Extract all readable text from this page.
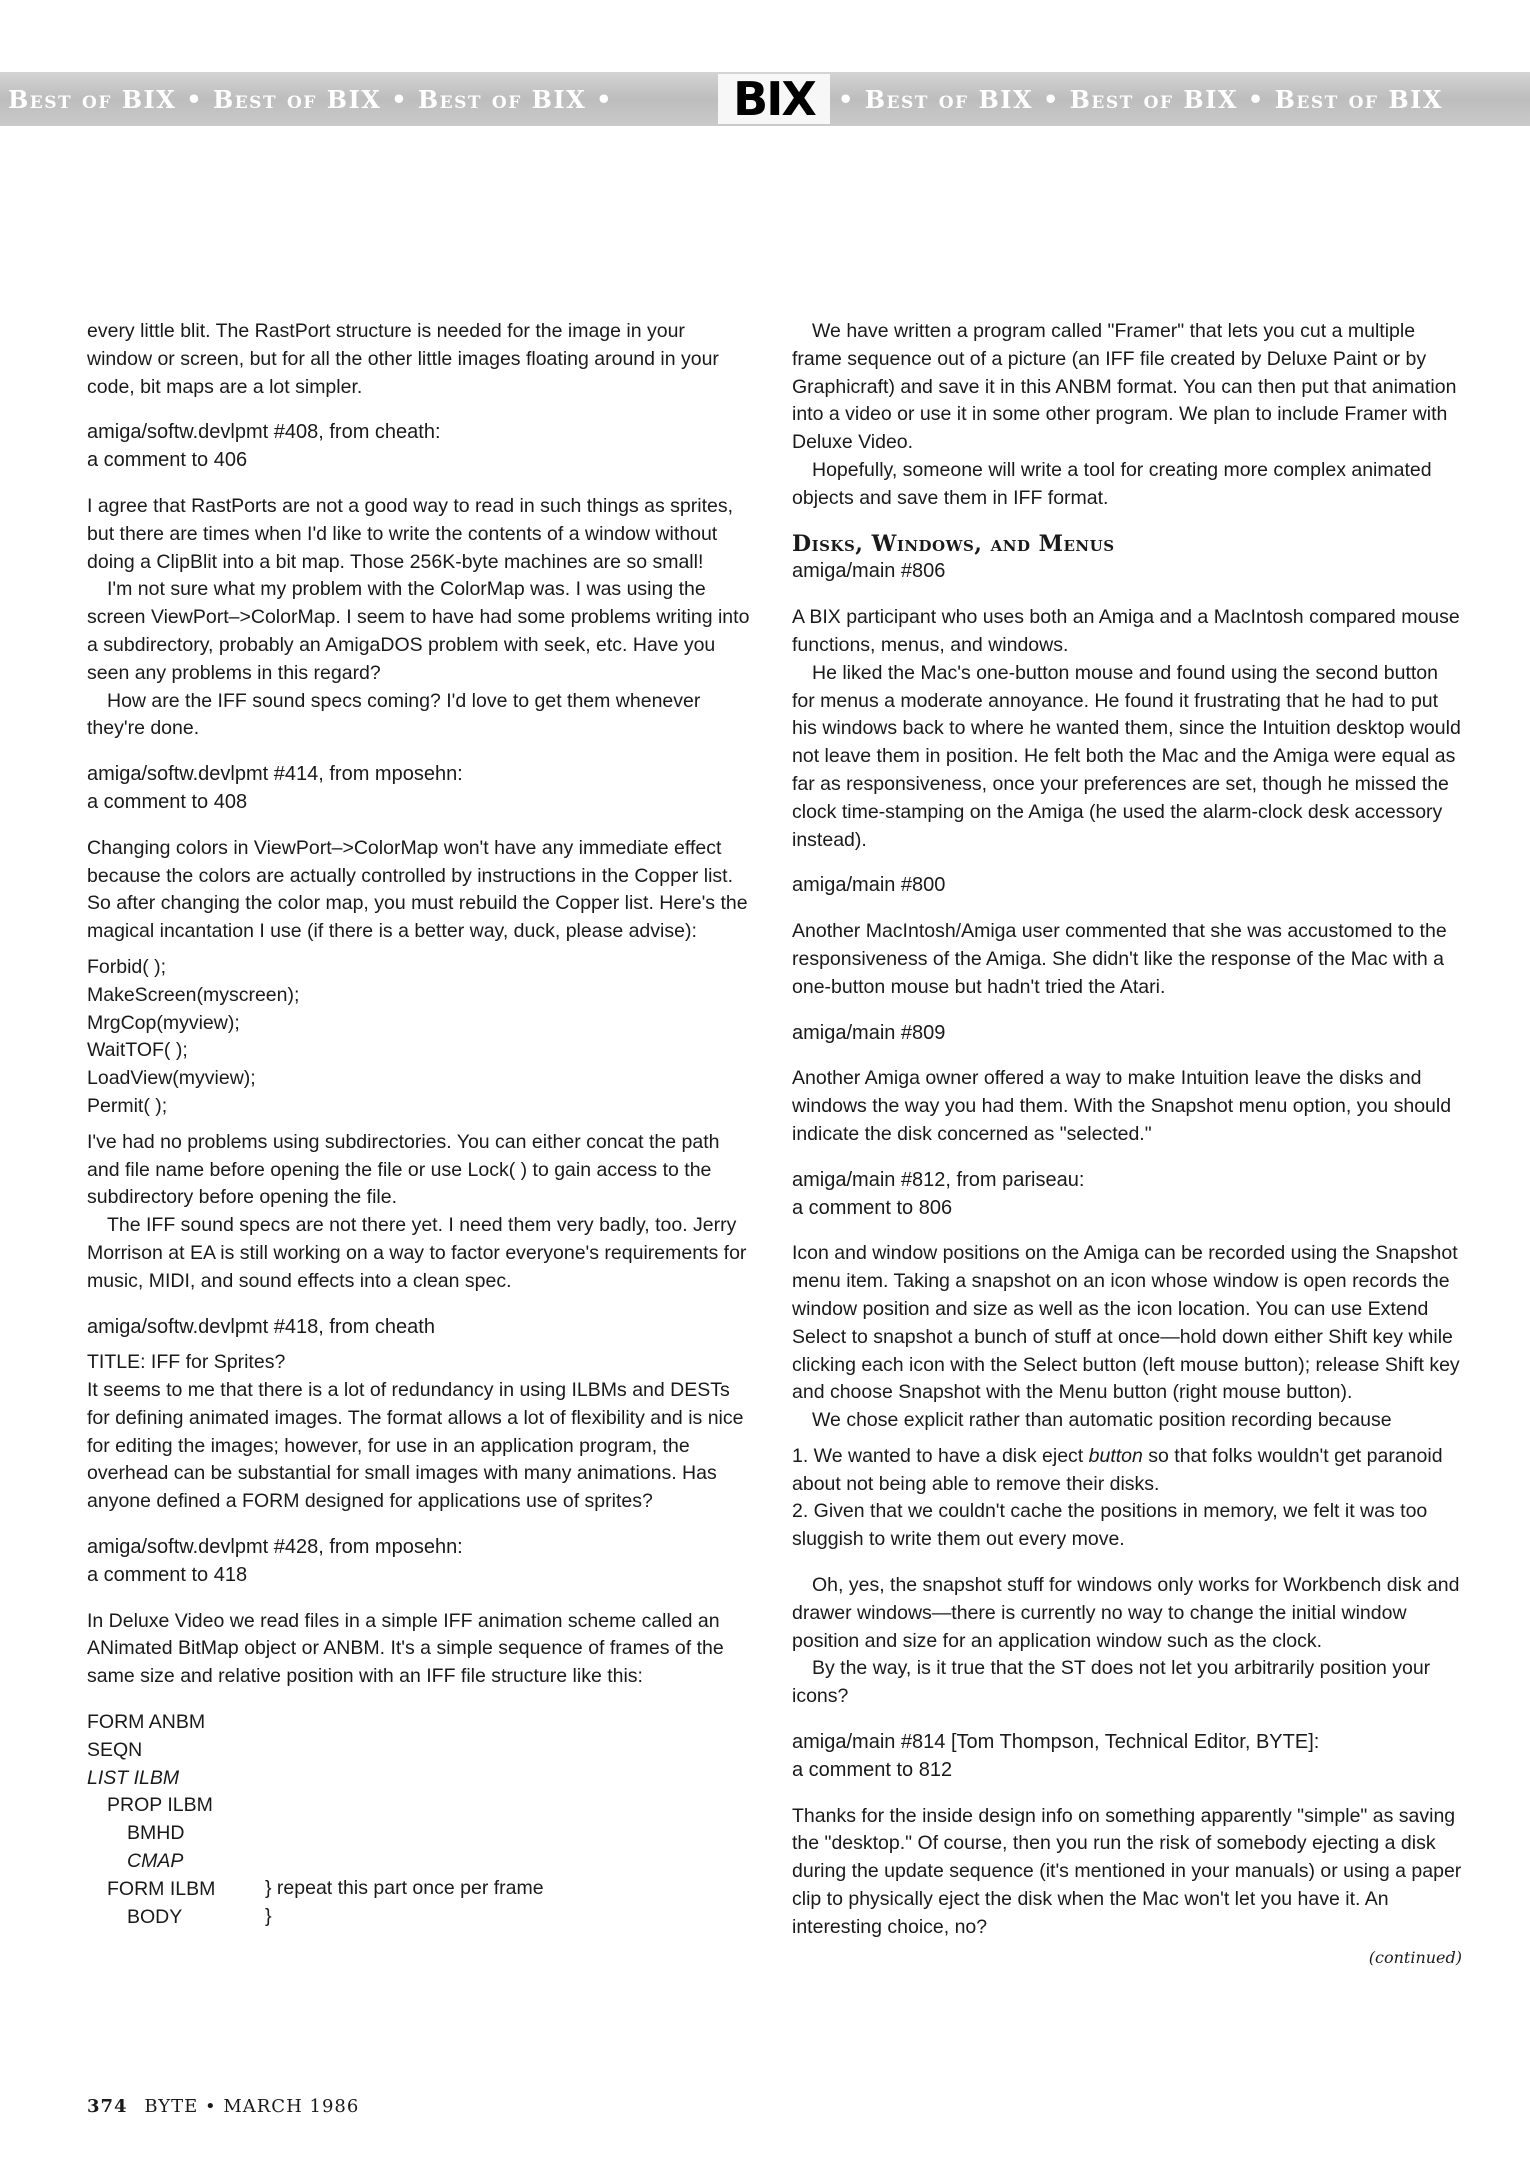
Best of BIX • Best of BIX • Best of BIX •	BIX • Best of BIX • Best of BIX • Best of BIX

every little blit. The RastPort structure is needed for the image in your window or screen, but for all the other little images floating around in your code, bit maps are a lot simpler.

amiga/softw.devlpmt #408, from cheath:
a comment to 406

I agree that RastPorts are not a good way to read in such things as sprites, but there are times when I'd like to write the contents of a window without doing a ClipBlit into a bit map. Those 256K-byte machines are so small!

I'm not sure what my problem with the ColorMap was. I was using the screen ViewPort–>ColorMap. I seem to have had some problems writing into a subdirectory, probably an AmigaDOS problem with seek, etc. Have you seen any problems in this regard?

How are the IFF sound specs coming? I'd love to get them whenever they're done.

amiga/softw.devlpmt #414, from mposehn:
a comment to 408

Changing colors in ViewPort–>ColorMap won't have any immediate effect because the colors are actually controlled by instructions in the Copper list. So after changing the color map, you must rebuild the Copper list. Here's the magical incantation I use (if there is a better way, duck, please advise):

Forbid( );
MakeScreen(myscreen);
MrgCop(myview);
WaitTOF( );
LoadView(myview);
Permit( );

I've had no problems using subdirectories. You can either concat the path and file name before opening the file or use Lock( ) to gain access to the subdirectory before opening the file.

The IFF sound specs are not there yet. I need them very badly, too. Jerry Morrison at EA is still working on a way to factor everyone's requirements for music, MIDI, and sound effects into a clean spec.

amiga/softw.devlpmt #418, from cheath
TITLE: IFF for Sprites?

It seems to me that there is a lot of redundancy in using ILBMs and DESTs for defining animated images. The format allows a lot of flexibility and is nice for editing the images; however, for use in an application program, the overhead can be substantial for small images with many animations. Has anyone defined a FORM designed for applications use of sprites?

amiga/softw.devlpmt #428, from mposehn:
a comment to 418

In Deluxe Video we read files in a simple IFF animation scheme called an ANimated BitMap object or ANBM. It's a simple sequence of frames of the same size and relative position with an IFF file structure like this:

FORM ANBM
SEQN
LIST ILBM
PROP ILBM
BMHD
CMAP
FORM ILBM
BODY
} repeat this part once per frame
}

We have written a program called "Framer" that lets you cut a multiple frame sequence out of a picture (an IFF file created by Deluxe Paint or by Graphicraft) and save it in this ANBM format. You can then put that animation into a video or use it in some other program. We plan to include Framer with Deluxe Video.

Hopefully, someone will write a tool for creating more complex animated objects and save them in IFF format.

Disks, Windows, and Menus
amiga/main #806

A BIX participant who uses both an Amiga and a MacIntosh compared mouse functions, menus, and windows.

He liked the Mac's one-button mouse and found using the second button for menus a moderate annoyance. He found it frustrating that he had to put his windows back to where he wanted them, since the Intuition desktop would not leave them in position. He felt both the Mac and the Amiga were equal as far as responsiveness, once your preferences are set, though he missed the clock time-stamping on the Amiga (he used the alarm-clock desk accessory instead).

amiga/main #800

Another MacIntosh/Amiga user commented that she was accustomed to the responsiveness of the Amiga. She didn't like the response of the Mac with a one-button mouse but hadn't tried the Atari.

amiga/main #809

Another Amiga owner offered a way to make Intuition leave the disks and windows the way you had them. With the Snapshot menu option, you should indicate the disk concerned as "selected."

amiga/main #812, from pariseau:
a comment to 806

Icon and window positions on the Amiga can be recorded using the Snapshot menu item. Taking a snapshot on an icon whose window is open records the window position and size as well as the icon location. You can use Extend Select to snapshot a bunch of stuff at once—hold down either Shift key while clicking each icon with the Select button (left mouse button); release Shift key and choose Snapshot with the Menu button (right mouse button).

We chose explicit rather than automatic position recording because

1. We wanted to have a disk eject button so that folks wouldn't get paranoid about not being able to remove their disks.

2. Given that we couldn't cache the positions in memory, we felt it was too sluggish to write them out every move.

Oh, yes, the snapshot stuff for windows only works for Workbench disk and drawer windows—there is currently no way to change the initial window position and size for an application window such as the clock.

By the way, is it true that the ST does not let you arbitrarily position your icons?

amiga/main #814 [Tom Thompson, Technical Editor, BYTE]:
a comment to 812

Thanks for the inside design info on something apparently "simple" as saving the "desktop." Of course, then you run the risk of somebody ejecting a disk during the update sequence (it's mentioned in your manuals) or using a paper clip to physically eject the disk when the Mac won't let you have it. An interesting choice, no?

(continued)
374 BYTE • MARCH 1986
